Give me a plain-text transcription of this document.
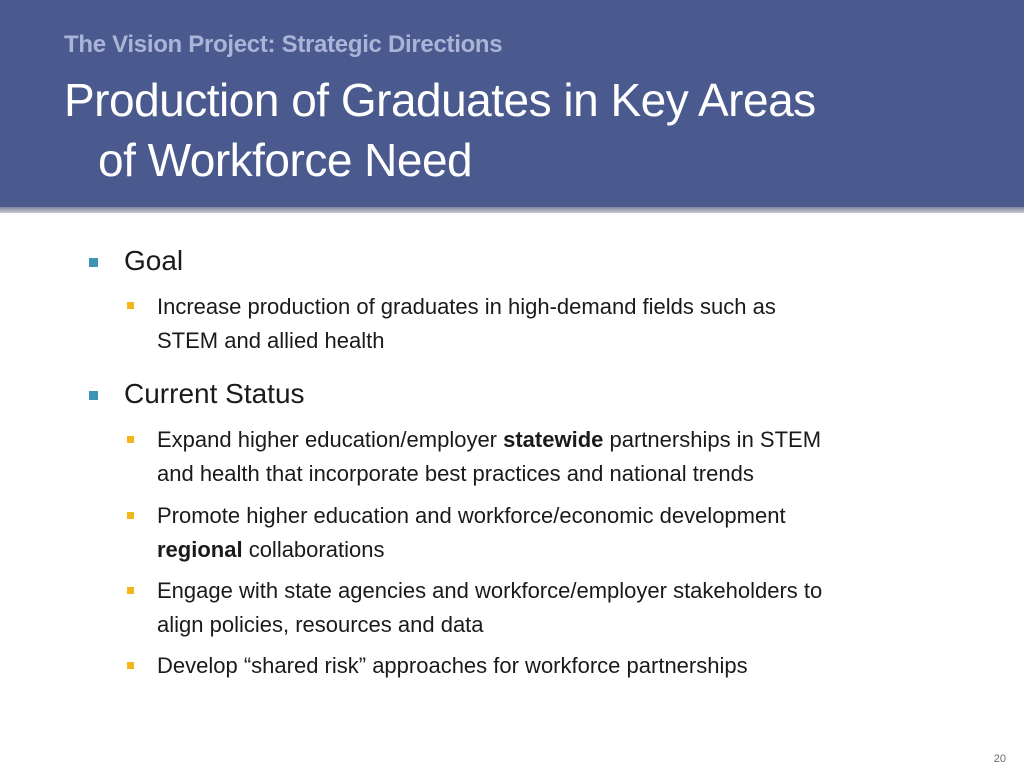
The Vision Project: Strategic Directions
Production of Graduates in Key Areas
of Workforce Need
Goal
Increase production of graduates in high-demand fields such as
STEM and allied health
Current Status
Expand higher education/employer statewide partnerships in STEM
and health that incorporate best practices and national trends
Promote higher education and workforce/economic development
regional collaborations
Engage with state agencies and workforce/employer stakeholders to
align policies, resources and data
Develop “shared risk” approaches for workforce partnerships
20
